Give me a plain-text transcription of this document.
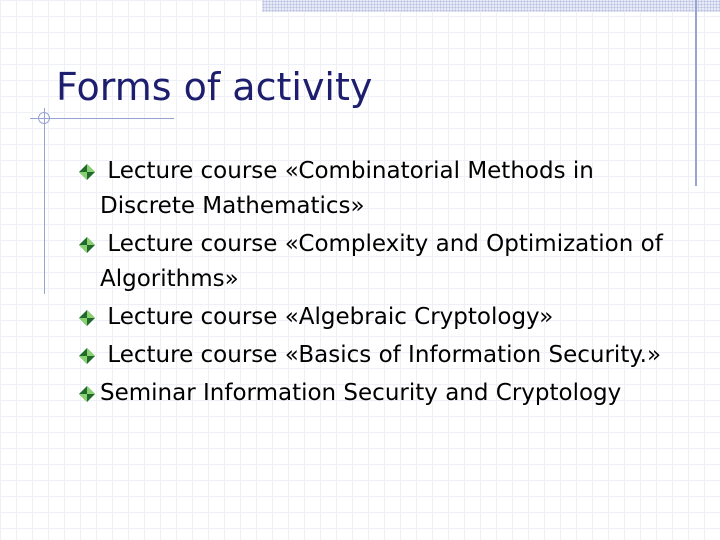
Forms of activity
Lecture course «Combinatorial Methods in Discrete Mathematics»
Lecture course «Complexity and Optimization of Algorithms»
Lecture course «Algebraic Cryptology»
Lecture course «Basics of Information Security.»
Seminar Information Security and Cryptology
